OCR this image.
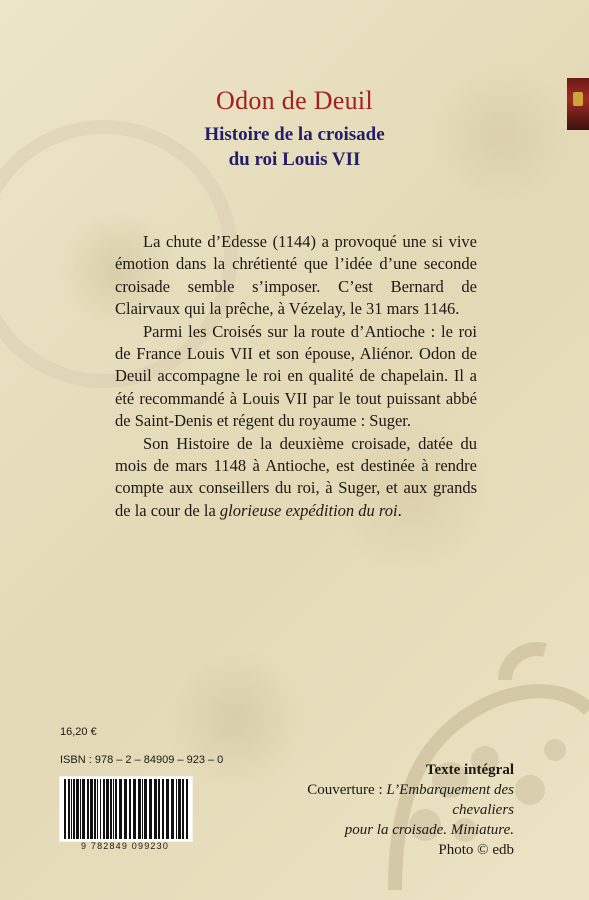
Odon de Deuil
Histoire de la croisade
du roi Louis VII

La chute d’Edesse (1144) a provoqué une si vive émotion dans la chrétienté que l’idée d’une seconde croisade semble s’imposer. C’est Bernard de Clairvaux qui la prêche, à Vézelay, le 31 mars 1146.

Parmi les Croisés sur la route d’Antioche : le roi de France Louis VII et son épouse, Aliénor. Odon de Deuil accompagne le roi en qualité de chapelain. Il a été recommandé à Louis VII par le tout puissant abbé de Saint-Denis et régent du royaume : Suger.

Son Histoire de la deuxième croisade, datée du mois de mars 1148 à Antioche, est destinée à rendre compte aux conseillers du roi, à Suger, et aux grands de la cour de la glorieuse expédition du roi.

16,20 €
ISBN : 978 – 2 – 84909 – 923 – 0
9 782849 099230
Texte intégral
Couverture : L’Embarquement des chevaliers
pour la croisade. Miniature.
Photo © edb
